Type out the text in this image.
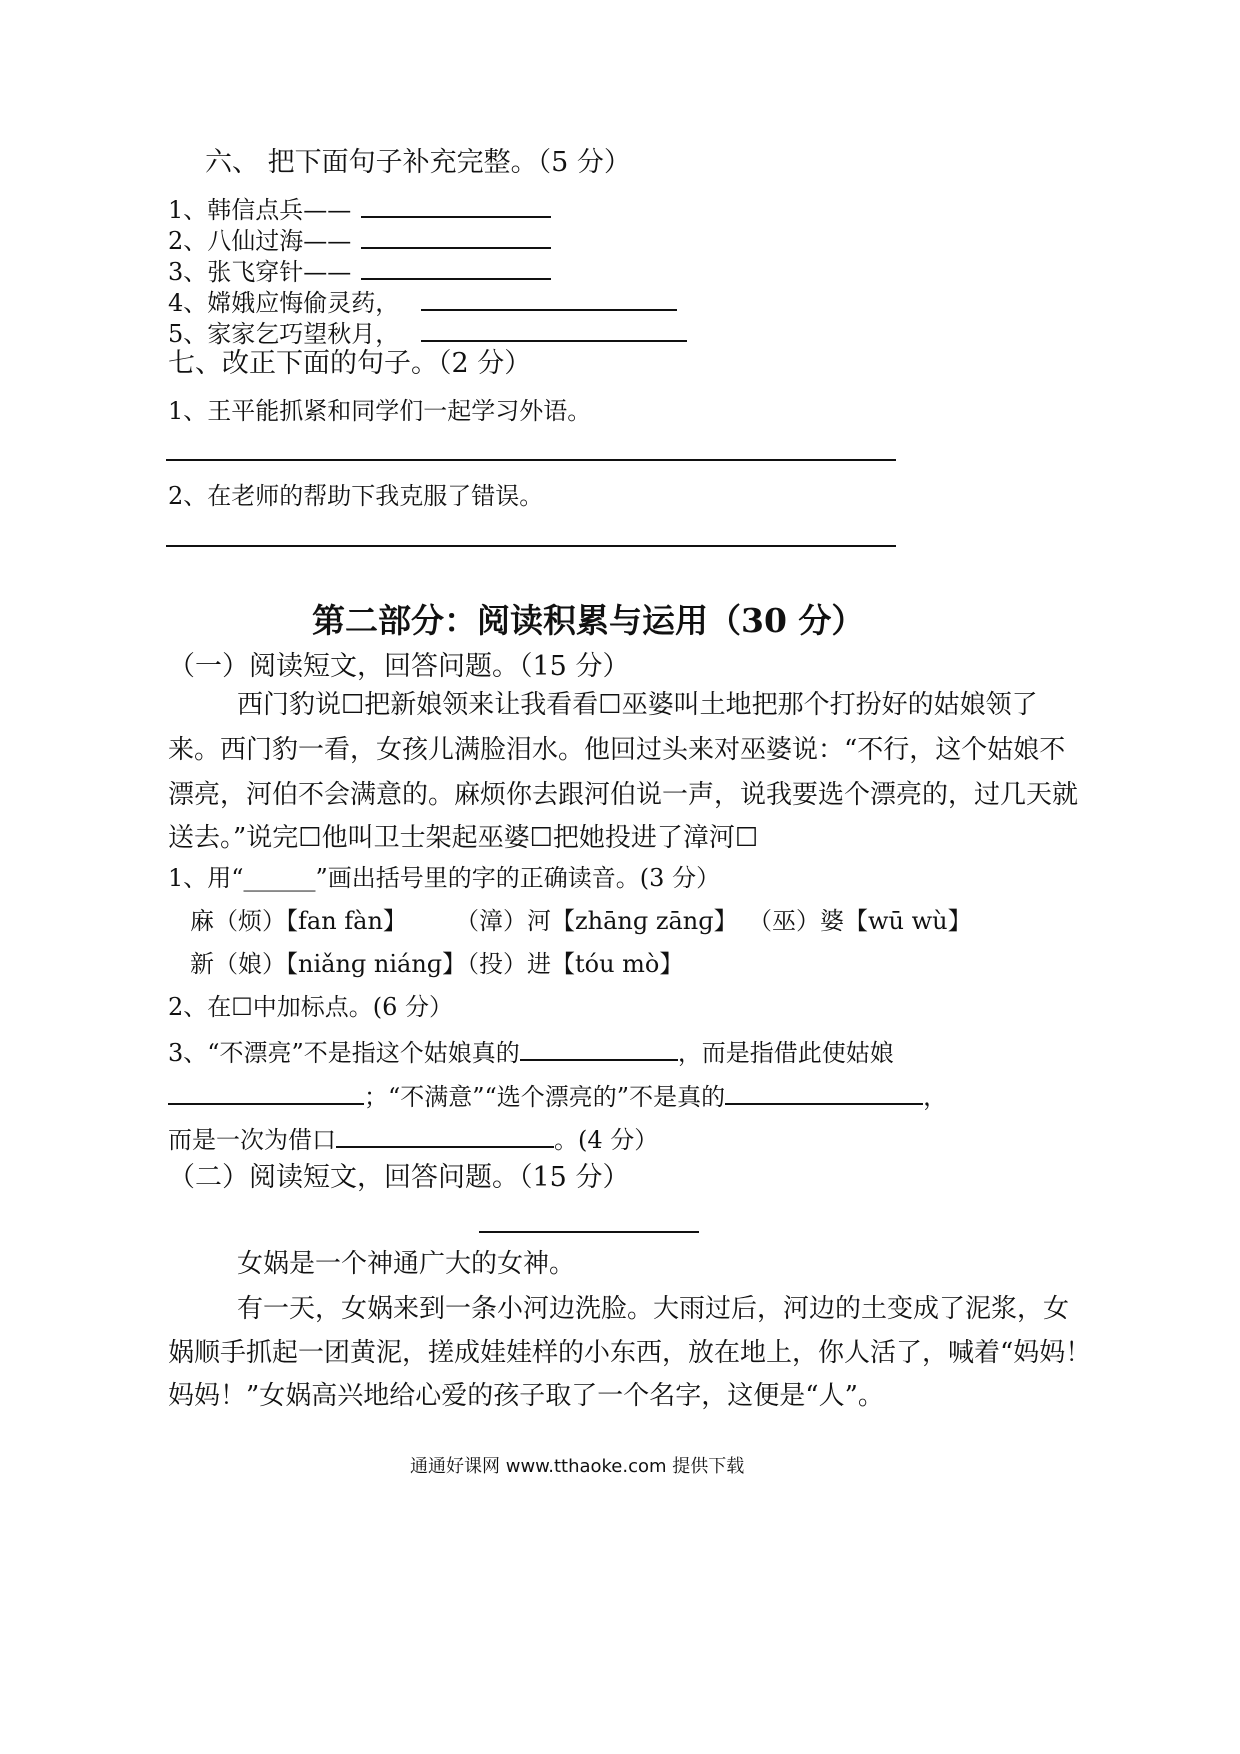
六、 把下面句子补充完整。（5 分）
1、韩信点兵——
2、八仙过海——
3、张飞穿针——
4、嫦娥应悔偷灵药，
5、家家乞巧望秋月，
七、改正下面的句子。（2 分）
1、王平能抓紧和同学们一起学习外语。
2、在老师的帮助下我克服了错误。
第二部分：阅读积累与运用（30 分）
（一）阅读短文，回答问题。（15 分）
西门豹说☐把新娘领来让我看看☐巫婆叫土地把那个打扮好的姑娘领了
来。西门豹一看，女孩儿满脸泪水。他回过头来对巫婆说：“不行，这个姑娘不
漂亮，河伯不会满意的。麻烦你去跟河伯说一声，说我要选个漂亮的，过几天就
送去。”说完☐他叫卫士架起巫婆☐把她投进了漳河☐
1、用“______”画出括号里的字的正确读音。(3 分）
麻（烦）【fan fàn】 （漳）河【zhānɡ zānɡ】 （巫）婆【wū wù】
新（娘）【niǎnɡ niánɡ】
（投）进【tóu mò】
2、在☐中加标点。(6 分）
3、“不漂亮”不是指这个姑娘真的	，而是指借此使姑娘
；“不满意”“选个漂亮的”不是真的	，
而是一次为借口	。(4 分）
（二）阅读短文，回答问题。（15 分）
女娲是一个神通广大的女神。
有一天，女娲来到一条小河边洗脸。大雨过后，河边的土变成了泥浆，女
娲顺手抓起一团黄泥，搓成娃娃样的小东西，放在地上，你人活了，喊着“妈妈！
妈妈！”女娲高兴地给心爱的孩子取了一个名字，这便是“人”。
通通好课网 www.tthaoke.com 提供下载
